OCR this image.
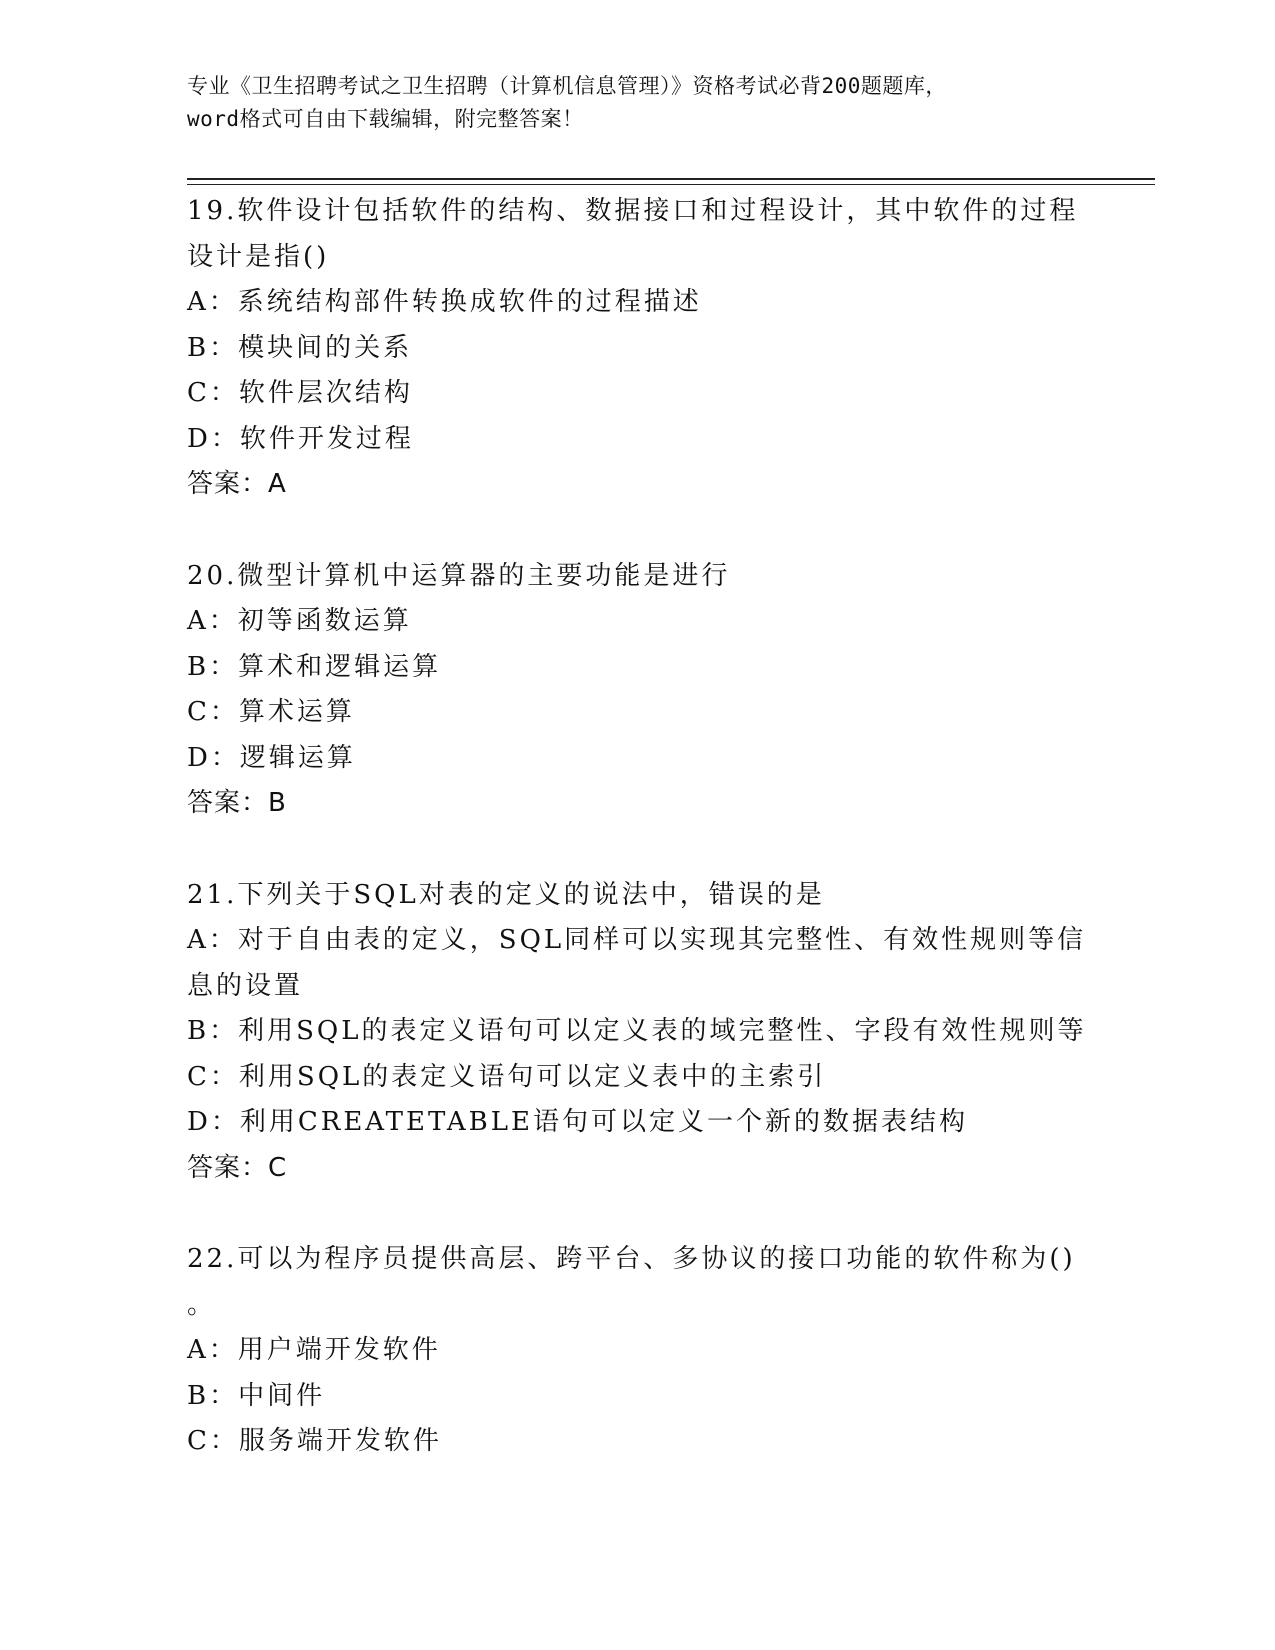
专业《卫生招聘考试之卫生招聘（计算机信息管理）》资格考试必背200题题库，
word格式可自由下载编辑，附完整答案！
19.软件设计包括软件的结构、数据接口和过程设计，其中软件的过程
设计是指()
A：系统结构部件转换成软件的过程描述
B：模块间的关系
C：软件层次结构
D：软件开发过程
答案：A
20.微型计算机中运算器的主要功能是进行
A：初等函数运算
B：算术和逻辑运算
C：算术运算
D：逻辑运算
答案：B
21.下列关于SQL对表的定义的说法中，错误的是
A：对于自由表的定义，SQL同样可以实现其完整性、有效性规则等信
息的设置
B：利用SQL的表定义语句可以定义表的域完整性、字段有效性规则等
C：利用SQL的表定义语句可以定义表中的主索引
D：利用CREATETABLE语句可以定义一个新的数据表结构
答案：C
22.可以为程序员提供高层、跨平台、多协议的接口功能的软件称为()
。
A：用户端开发软件
B：中间件
C：服务端开发软件
